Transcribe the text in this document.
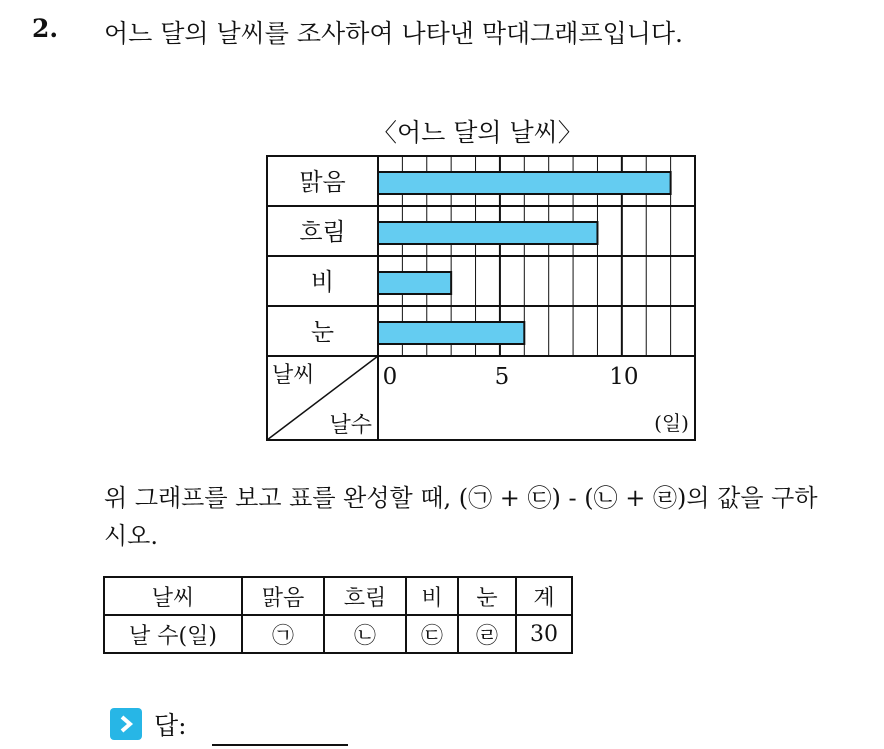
2. 어느 달의 날씨를 조사하여 나타낸 막대그래프입니다.
〈어느 달의 날씨〉
맑음
흐림
비
눈
날씨
날수
0	5	10
(일)
위 그래프를 보고 표를 완성할 때, (㉠ + ㉢) - (㉡ + ㉣)의 값을 구하
시오.
날씨	맑음	흐림	비	눈	계
날 수(일)	㉠	㉡	㉢	㉣	30
답:
